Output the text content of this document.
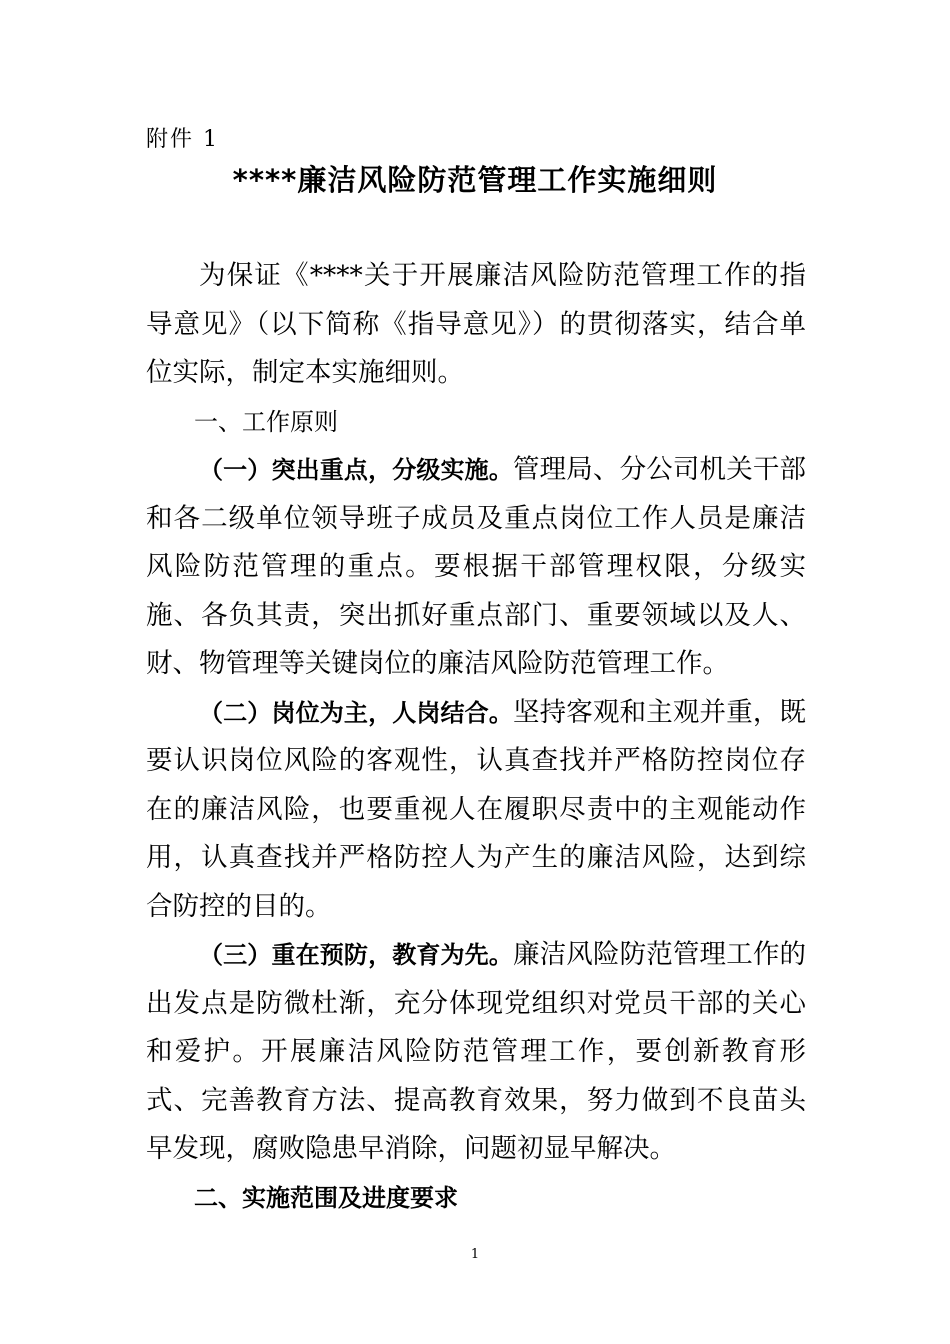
附件 1
****廉洁风险防范管理工作实施细则

为保证《****关于开展廉洁风险防范管理工作的指导意见》（以下简称《指导意见》）的贯彻落实，结合单位实际，制定本实施细则。

一、工作原则

（一）突出重点，分级实施。管理局、分公司机关干部和各二级单位领导班子成员及重点岗位工作人员是廉洁风险防范管理的重点。要根据干部管理权限，分级实施、各负其责，突出抓好重点部门、重要领域以及人、财、物管理等关键岗位的廉洁风险防范管理工作。

（二）岗位为主，人岗结合。坚持客观和主观并重，既要认识岗位风险的客观性，认真查找并严格防控岗位存在的廉洁风险，也要重视人在履职尽责中的主观能动作用，认真查找并严格防控人为产生的廉洁风险，达到综合防控的目的。

（三）重在预防，教育为先。廉洁风险防范管理工作的出发点是防微杜渐，充分体现党组织对党员干部的关心和爱护。开展廉洁风险防范管理工作，要创新教育形式、完善教育方法、提高教育效果，努力做到不良苗头早发现，腐败隐患早消除，问题初显早解决。

二、实施范围及进度要求

1
